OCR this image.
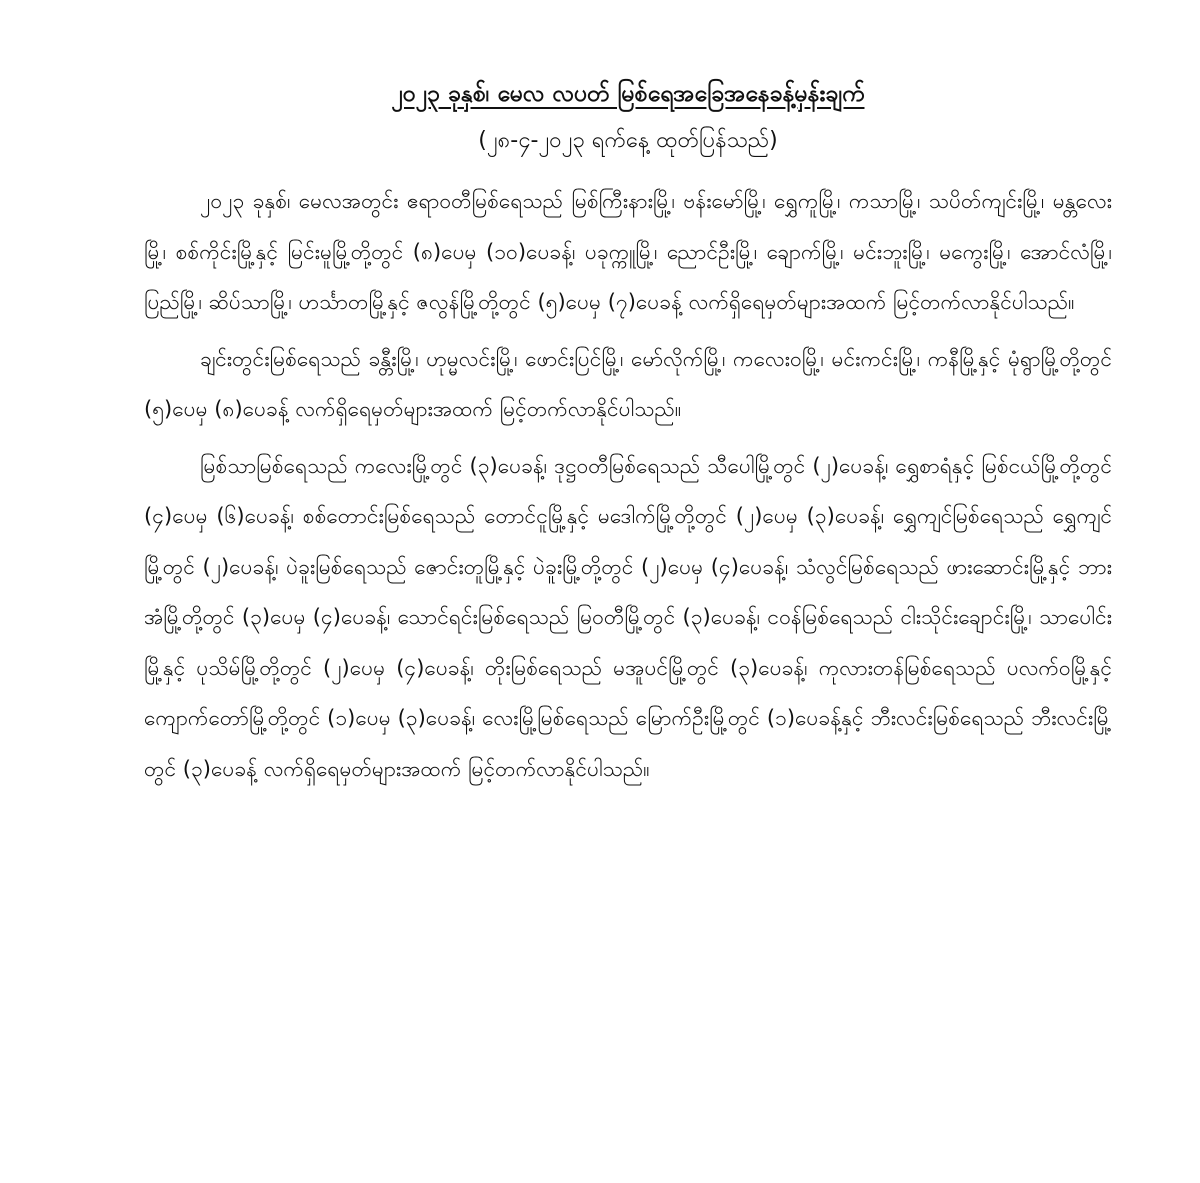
၂၀၂၃ ခုနှစ်၊ မေလ လပတ် မြစ်ရေအခြေအနေခန့်မှန်းချက်

(၂၈-၄-၂၀၂၃ ရက်နေ့ ထုတ်ပြန်သည်)

၂၀၂၃ ခုနှစ်၊ မေလအတွင်း ဧရာဝတီမြစ်ရေသည် မြစ်ကြီးနားမြို့၊ ဗန်းမော်မြို့၊ ရွှေကူမြို့၊ ကသာမြို့၊ သပိတ်ကျင်းမြို့၊ မန္တလေးမြို့၊ စစ်ကိုင်းမြို့နှင့် မြင်းမူမြို့တို့တွင် (၈)ပေမှ (၁၀)ပေခန့်၊ ပခုက္ကူမြို့၊ ညောင်ဦးမြို့၊ ချောက်မြို့၊ မင်းဘူးမြို့၊ မကွေးမြို့၊ အောင်လံမြို့၊ ပြည်မြို့၊ ဆိပ်သာမြို့၊ ဟင်္သာတမြို့နှင့် ဇလွန်မြို့တို့တွင် (၅)ပေမှ (၇)ပေခန့် လက်ရှိရေမှတ်များအထက် မြင့်တက်လာနိုင်ပါသည်။

ချင်းတွင်းမြစ်ရေသည် ခန္တီးမြို့၊ ဟုမ္မလင်းမြို့၊ ဖောင်းပြင်မြို့၊ မော်လိုက်မြို့၊ ကလေးဝမြို့၊ မင်းကင်းမြို့၊ ကနီမြို့နှင့် မုံရွာမြို့တို့တွင် (၅)ပေမှ (၈)ပေခန့် လက်ရှိရေမှတ်များအထက် မြင့်တက်လာနိုင်ပါသည်။

မြစ်သာမြစ်ရေသည် ကလေးမြို့တွင် (၃)ပေခန့်၊ ဒုဋ္ဌဝတီမြစ်ရေသည် သီပေါမြို့တွင် (၂)ပေခန့်၊ ရွှေစာရံနှင့် မြစ်ငယ်မြို့တို့တွင် (၄)ပေမှ (၆)ပေခန့်၊ စစ်တောင်းမြစ်ရေသည် တောင်ငူမြို့နှင့် မဒေါက်မြို့တို့တွင် (၂)ပေမှ (၃)ပေခန့်၊ ရွှေကျင်မြစ်ရေသည် ရွှေကျင်မြို့တွင် (၂)ပေခန့်၊ ပဲခူးမြစ်ရေသည် ဇောင်းတူမြို့နှင့် ပဲခူးမြို့တို့တွင် (၂)ပေမှ (၄)ပေခန့်၊ သံလွင်မြစ်ရေသည် ဖားဆောင်းမြို့နှင့် ဘားအံမြို့တို့တွင် (၃)ပေမှ (၄)ပေခန့်၊ သောင်ရင်းမြစ်ရေသည် မြဝတီမြို့တွင် (၃)ပေခန့်၊ ငဝန်မြစ်ရေသည် ငါးသိုင်းချောင်းမြို့၊ သာပေါင်းမြို့နှင့် ပုသိမ်မြို့တို့တွင် (၂)ပေမှ (၄)ပေခန့်၊ တိုးမြစ်ရေသည် မအူပင်မြို့တွင် (၃)ပေခန့်၊ ကုလားတန်မြစ်ရေသည် ပလက်ဝမြို့နှင့် ကျောက်တော်မြို့တို့တွင် (၁)ပေမှ (၃)ပေခန့်၊ လေးမြို့မြစ်ရေသည် မြောက်ဦးမြို့တွင် (၁)ပေခန့်နှင့် ဘီးလင်းမြစ်ရေသည် ဘီးလင်းမြို့တွင် (၃)ပေခန့် လက်ရှိရေမှတ်များအထက် မြင့်တက်လာနိုင်ပါသည်။
